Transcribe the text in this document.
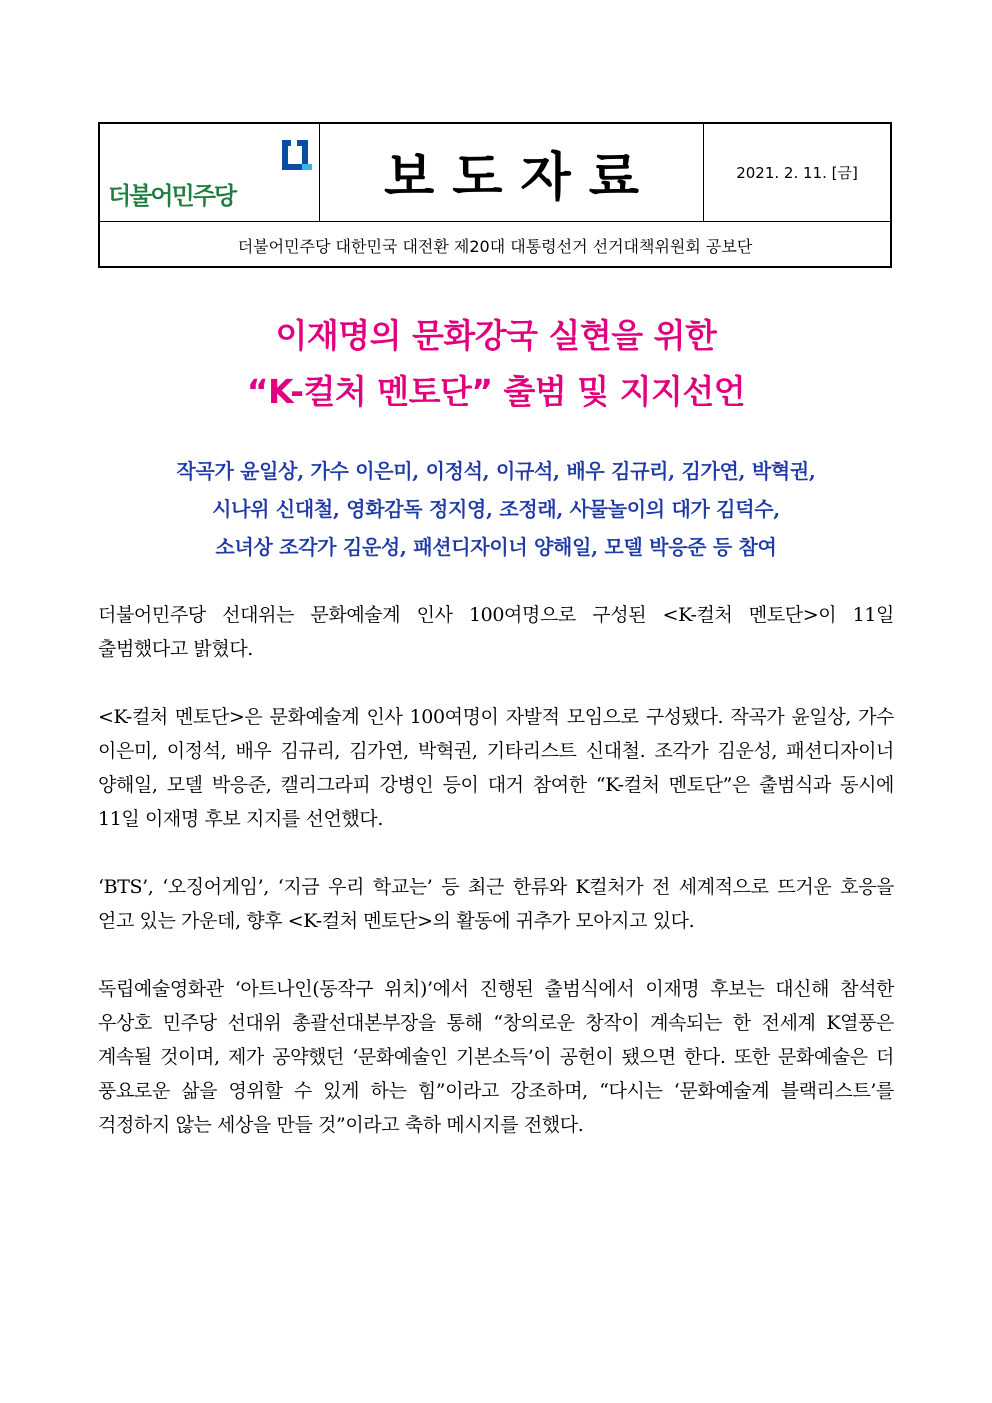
더불어민주당	보도자료	2021. 2. 11. [금]
더불어민주당 대한민국 대전환 제20대 대통령선거 선거대책위원회 공보단
이재명의 문화강국 실현을 위한
“K-컬처 멘토단” 출범 및 지지선언
작곡가 윤일상, 가수 이은미, 이정석, 이규석, 배우 김규리, 김가연, 박혁권,
시나위 신대철, 영화감독 정지영, 조정래, 사물놀이의 대가 김덕수,
소녀상 조각가 김운성, 패션디자이너 양해일, 모델 박응준 등 참여

더불어민주당 선대위는 문화예술계 인사 100여명으로 구성된 <K-컬처 멘토단>이 11일 출범했다고 밝혔다.

<K-컬처 멘토단>은 문화예술계 인사 100여명이 자발적 모임으로 구성됐다. 작곡가 윤일상, 가수 이은미, 이정석, 배우 김규리, 김가연, 박혁권, 기타리스트 신대철. 조각가 김운성, 패션디자이너 양해일, 모델 박응준, 캘리그라피 강병인 등이 대거 참여한 “K-컬처 멘토단”은 출범식과 동시에 11일 이재명 후보 지지를 선언했다.

‘BTS’, ‘오징어게임’, ‘지금 우리 학교는’ 등 최근 한류와 K컬처가 전 세계적으로 뜨거운 호응을 얻고 있는 가운데, 향후 <K-컬처 멘토단>의 활동에 귀추가 모아지고 있다.

독립예술영화관 ‘아트나인(동작구 위치)’에서 진행된 출범식에서 이재명 후보는 대신해 참석한 우상호 민주당 선대위 총괄선대본부장을 통해 “창의로운 창작이 계속되는 한 전세계 K열풍은 계속될 것이며, 제가 공약했던 ‘문화예술인 기본소득’이 공헌이 됐으면 한다. 또한 문화예술은 더 풍요로운 삶을 영위할 수 있게 하는 힘”이라고 강조하며, “다시는 ‘문화예술계 블랙리스트’를 걱정하지 않는 세상을 만들 것”이라고 축하 메시지를 전했다.
